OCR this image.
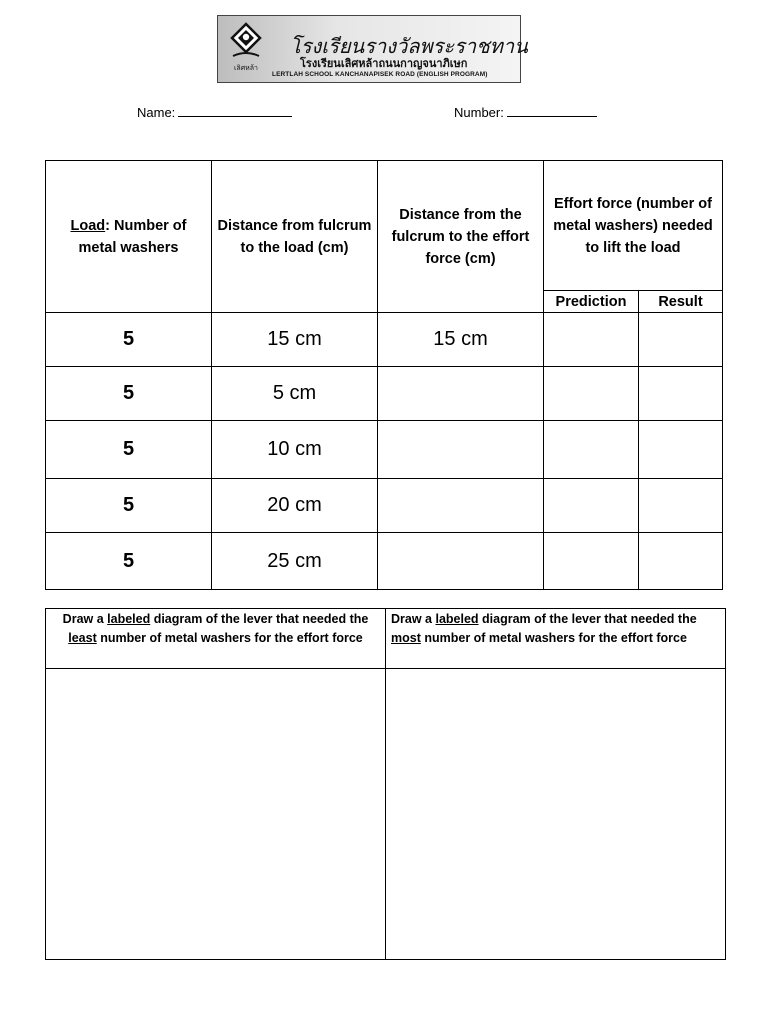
เลิศหล้า
โรงเรียนรางวัลพระราชทาน
โรงเรียนเลิศหล้าถนนกาญจนาภิเษก
LERTLAH SCHOOL KANCHANAPISEK ROAD (ENGLISH PROGRAM)
Name:	Number:
Load: Number of metal washers	Distance from fulcrum to the load (cm)	Distance from the fulcrum to the effort force (cm)	Effort force (number of metal washers) needed to lift the load	
			Prediction	Result
5	15 cm	15 cm		
5	5 cm			
5	10 cm			
5	20 cm			
5	25 cm			
Draw a labeled diagram of the lever that needed the least number of metal washers for the effort force	Draw a labeled diagram of the lever that needed the most number of metal washers for the effort force
